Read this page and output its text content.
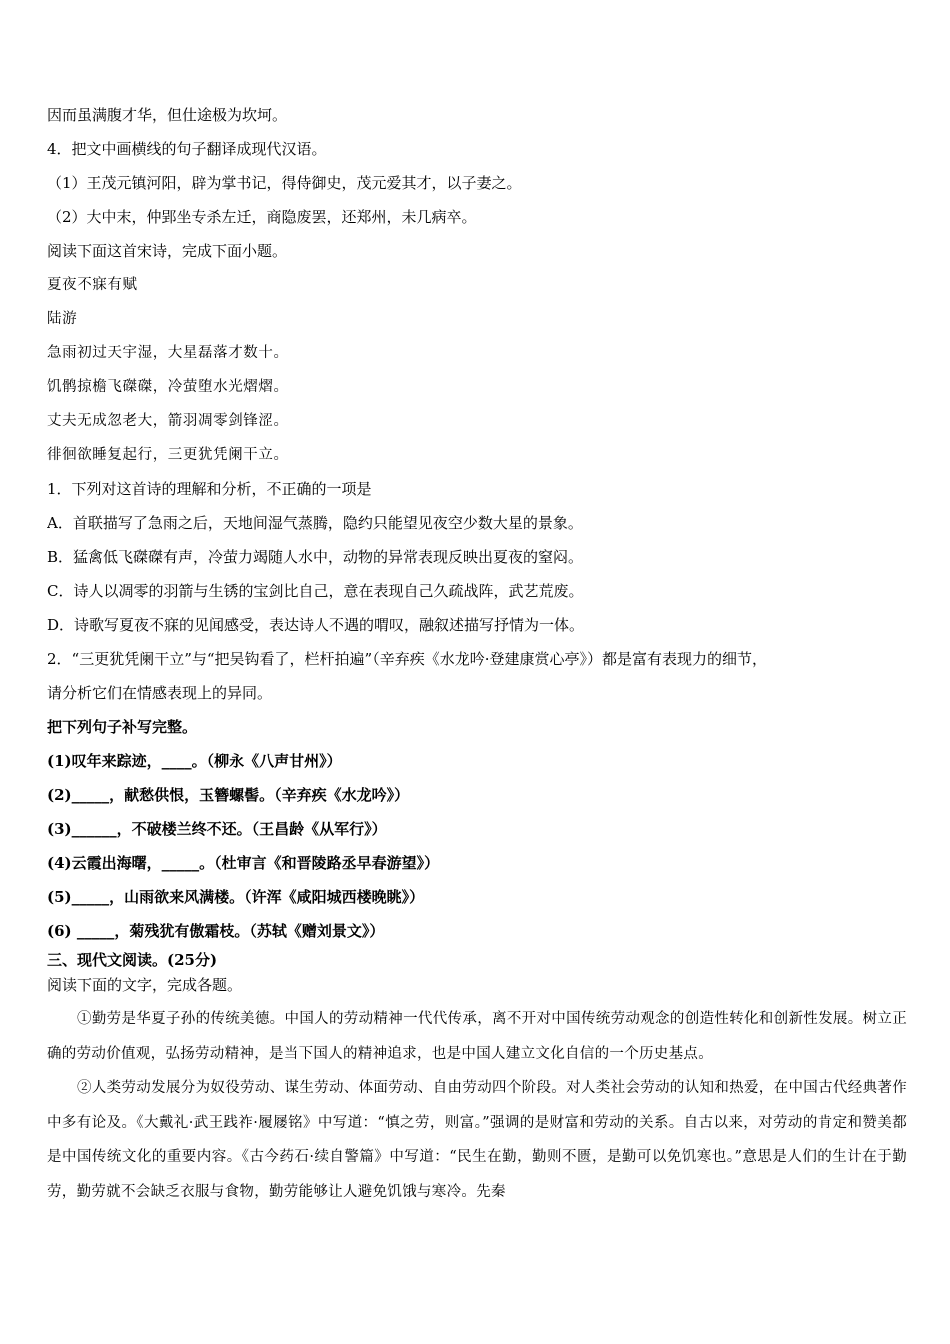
因而虽满腹才华，但仕途极为坎坷。
4．把文中画横线的句子翻译成现代汉语。
（1）王茂元镇河阳，辟为掌书记，得侍御史，茂元爱其才，以子妻之。
（2）大中末，仲郢坐专杀左迁，商隐废罢，还郑州，未几病卒。
阅读下面这首宋诗，完成下面小题。
夏夜不寐有赋
陆游
急雨初过天宇湿，大星磊落才数十。
饥鹘掠檐飞磔磔，冷萤堕水光熠熠。
丈夫无成忽老大，箭羽凋零剑锋涩。
徘徊欲睡复起行，三更犹凭阑干立。
1．下列对这首诗的理解和分析，不正确的一项是
A．首联描写了急雨之后，天地间湿气蒸腾，隐约只能望见夜空少数大星的景象。
B．猛禽低飞磔磔有声，冷萤力竭随人水中，动物的异常表现反映出夏夜的窒闷。
C．诗人以凋零的羽箭与生锈的宝剑比自己，意在表现自己久疏战阵，武艺荒废。
D．诗歌写夏夜不寐的见闻感受，表达诗人不遇的喟叹，融叙述描写抒情为一体。
2．“三更犹凭阑干立”与“把吴钩看了，栏杆拍遍”（辛弃疾《水龙吟·登建康赏心亭》）都是富有表现力的细节，
请分析它们在情感表现上的异同。
把下列句子补写完整。
(1)叹年来踪迹，____。（柳永《八声甘州》）
(2)_____，献愁供恨，玉簪螺髻。（辛弃疾《水龙吟》）
(3)______，不破楼兰终不还。（王昌龄《从军行》）
(4)云霞出海曙，_____。（杜审言《和晋陵路丞早春游望》）
(5)_____，山雨欲来风满楼。（许浑《咸阳城西楼晚眺》）
(6) _____，菊残犹有傲霜枝。（苏轼《赠刘景文》）
三、现代文阅读。(25分)
阅读下面的文字，完成各题。

①勤劳是华夏子孙的传统美德。中国人的劳动精神一代代传承，离不开对中国传统劳动观念的创造性转化和创新性发展。树立正确的劳动价值观，弘扬劳动精神，是当下国人的精神追求，也是中国人建立文化自信的一个历史基点。

②人类劳动发展分为奴役劳动、谋生劳动、体面劳动、自由劳动四个阶段。对人类社会劳动的认知和热爱，在中国古代经典著作中多有论及。《大戴礼·武王践祚·履屦铭》中写道：“慎之劳，则富。”强调的是财富和劳动的关系。自古以来，对劳动的肯定和赞美都是中国传统文化的重要内容。《古今药石·续自警篇》中写道：“民生在勤，勤则不匮，是勤可以免饥寒也。”意思是人们的生计在于勤劳，勤劳就不会缺乏衣服与食物，勤劳能够让人避免饥饿与寒冷。先秦
